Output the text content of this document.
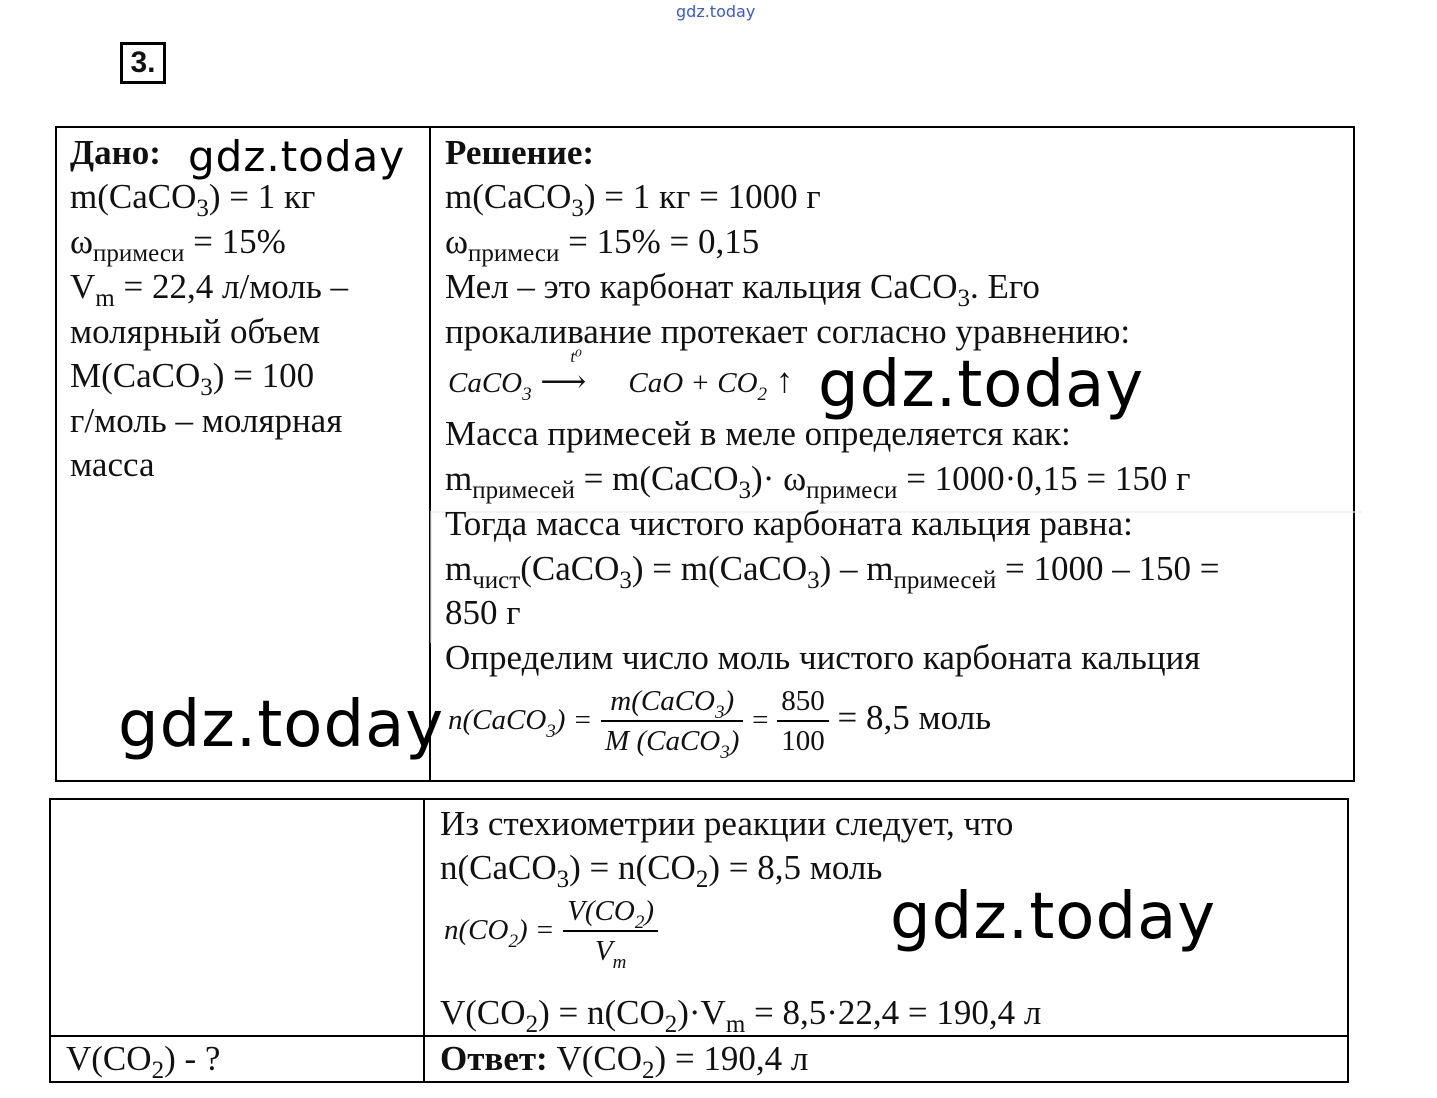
gdz.today
3.
Дано:
m(CaCO$_3$) = 1 кг
$\omega_{примеси} = 15\%$
$V_m = 22,4$ л/моль –
молярный объем
M(CaCO$_3$) = 100
г/моль – молярная
масса
Решение:
m(CaCO$_3$) = 1 кг = 1000 г
$\omega_{примеси} = 15\% = 0,15$
Мел – это карбонат кальция CaCO$_3$. Его
прокаливание протекает согласно уравнению:
CaCO$_3$
t⁰
⟶ CaO + $CO_2$ ↑
Масса примесей в меле определяется как:
$m_{примесей}$ = m(CaCO$_3$)· $\omega_{примеси} = 1000\cdot 0,15 = 150$ г
Тогда масса чистого карбоната кальция равна:
$m_{чист}(CaCO_3)$ = m(CaCO$_3$) – $m_{примесей} = 1000 - 150$ =
850 г
Определим число моль чистого карбоната кальция
n(CaCO$_3$) = $\frac{m(CaCO_3)}{M (CaCO_3)} = \frac{850}{100} = 8,5$ моль
Из стехиометрии реакции следует, что
n(CaCO$_3$) = $n(CO_2) = 8,5$ моль
$n(CO_2) = \frac{V(CO_2)}{V_m}$
$V(CO_2) = n(CO_2)\cdot V_m = 8,5\cdot 22,4 = 190,4$ л
$V(CO_2)$ - ?	Ответ: $V(CO_2) = 190,4$ л
gdz.today
gdz.today
gdz.today
gdz.today
